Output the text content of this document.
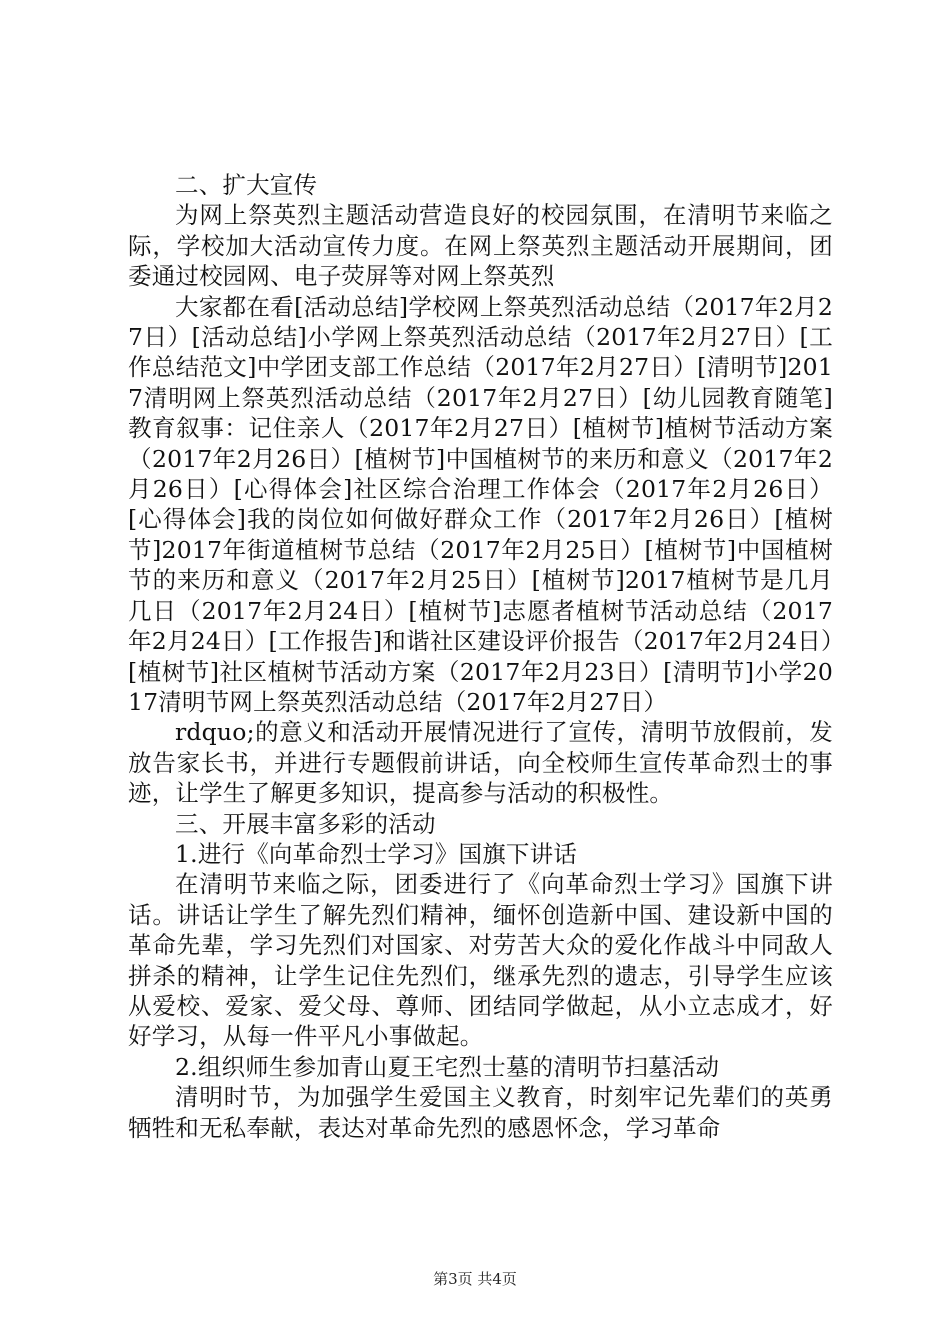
二、扩大宣传

为网上祭英烈主题活动营造良好的校园氛围，在清明节来临之际，学校加大活动宣传力度。在网上祭英烈主题活动开展期间，团委通过校园网、电子荧屏等对网上祭英烈

大家都在看[活动总结]学校网上祭英烈活动总结（2017年2月27日）[活动总结]小学网上祭英烈活动总结（2017年2月27日）[工作总结范文]中学团支部工作总结（2017年2月27日）[清明节]2017清明网上祭英烈活动总结（2017年2月27日）[幼儿园教育随笔]教育叙事：记住亲人（2017年2月27日）[植树节]植树节活动方案（2017年2月26日）[植树节]中国植树节的来历和意义（2017年2月26日）[心得体会]社区综合治理工作体会（2017年2月26日）[心得体会]我的岗位如何做好群众工作（2017年2月26日）[植树节]2017年街道植树节总结（2017年2月25日）[植树节]中国植树节的来历和意义（2017年2月25日）[植树节]2017植树节是几月几日（2017年2月24日）[植树节]志愿者植树节活动总结（2017年2月24日）[工作报告]和谐社区建设评价报告（2017年2月24日）[植树节]社区植树节活动方案（2017年2月23日）[清明节]小学2017清明节网上祭英烈活动总结（2017年2月27日）

rdquo;的意义和活动开展情况进行了宣传，清明节放假前，发放告家长书，并进行专题假前讲话，向全校师生宣传革命烈士的事迹，让学生了解更多知识，提高参与活动的积极性。

三、开展丰富多彩的活动

1.进行《向革命烈士学习》国旗下讲话

在清明节来临之际，团委进行了《向革命烈士学习》国旗下讲话。讲话让学生了解先烈们精神，缅怀创造新中国、建设新中国的革命先辈，学习先烈们对国家、对劳苦大众的爱化作战斗中同敌人拼杀的精神，让学生记住先烈们，继承先烈的遗志，引导学生应该从爱校、爱家、爱父母、尊师、团结同学做起，从小立志成才，好好学习，从每一件平凡小事做起。

2.组织师生参加青山夏王宅烈士墓的清明节扫墓活动

清明时节，为加强学生爱国主义教育，时刻牢记先辈们的英勇牺牲和无私奉献，表达对革命先烈的感恩怀念，学习革命

第3页 共4页
